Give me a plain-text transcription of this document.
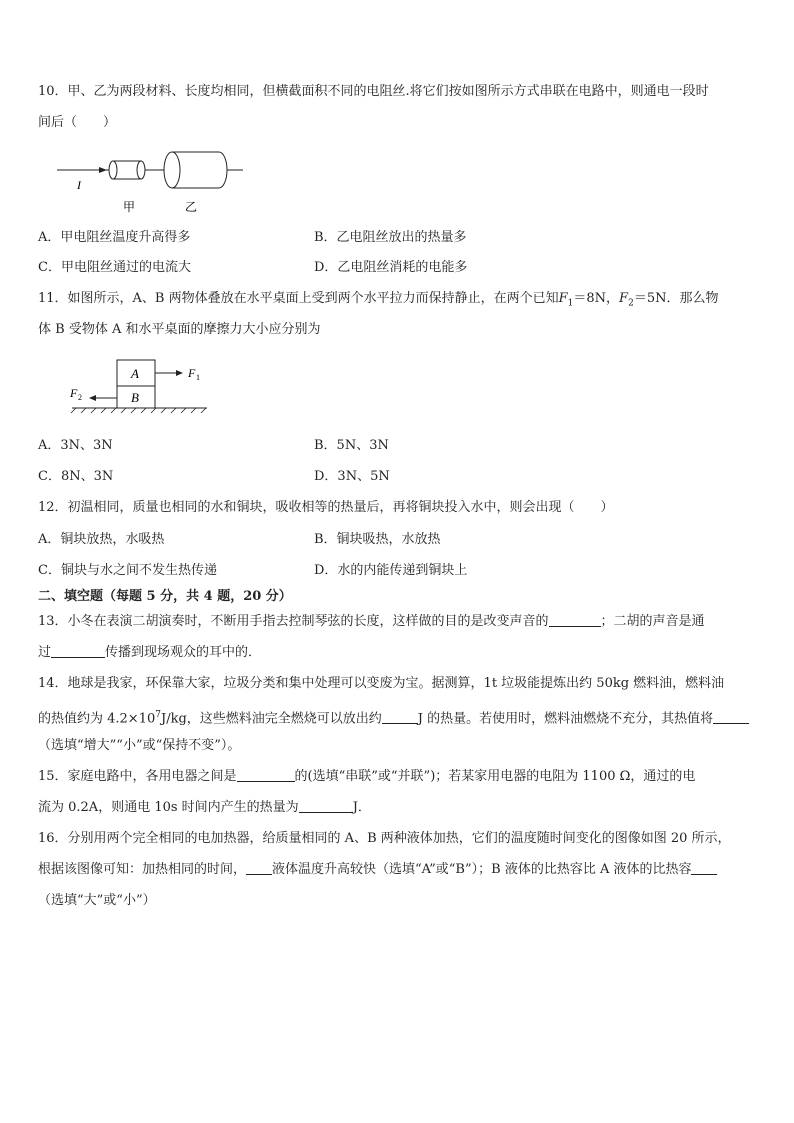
10．甲、乙为两段材料、长度均相同，但横截面积不同的电阻丝.将它们按如图所示方式串联在电路中，则通电一段时
间后（　　）
I
甲	乙
A．甲电阻丝温度升高得多	B．乙电阻丝放出的热量多
C．甲电阻丝通过的电流大	D．乙电阻丝消耗的电能多
11．如图所示，A、B 两物体叠放在水平桌面上受到两个水平拉力而保持静止，在两个已知$F_1=8N$，$F_2=5N$．那么物
体 B 受物体 A 和水平桌面的摩擦力大小应分别为
A
B
F 1
F 2
A．3N、3N	B．5N、3N
C．8N、3N	D．3N、5N
12．初温相同，质量也相同的水和铜块，吸收相等的热量后，再将铜块投入水中，则会出现（　　）
A．铜块放热，水吸热	B．铜块吸热，水放热
C．铜块与水之间不发生热传递	D．水的内能传递到铜块上
二、填空题（每题 5 分，共 4 题，20 分）
13．小冬在表演二胡演奏时，不断用手指去控制琴弦的长度，这样做的目的是改变声音的	；二胡的声音是通
过	传播到现场观众的耳中的．
14．地球是我家，环保靠大家，垃圾分类和集中处理可以变废为宝。据测算，1t 垃圾能提炼出约 50kg 燃料油，燃料油
的热值约为 $4.2\times 10^7J/kg$，这些燃料油完全燃烧可以放出约	J 的热量。若使用时，燃料油燃烧不充分，其热值将
（选填“增大”“小”或“保持不变”）。
15．家庭电路中，各用电器之间是	的(选填“串联”或“并联”)；若某家用电器的电阻为 1100 Ω，通过的电
流为 0.2A，则通电 10s 时间内产生的热量为	J．
16．分别用两个完全相同的电加热器，给质量相同的 A、B 两种液体加热，它们的温度随时间变化的图像如图 20 所示，
根据该图像可知：加热相同的时间， 液体温度升高较快（选填“A”或“B”）；B 液体的比热容比 A 液体的比热容
（选填“大”或“小”）
